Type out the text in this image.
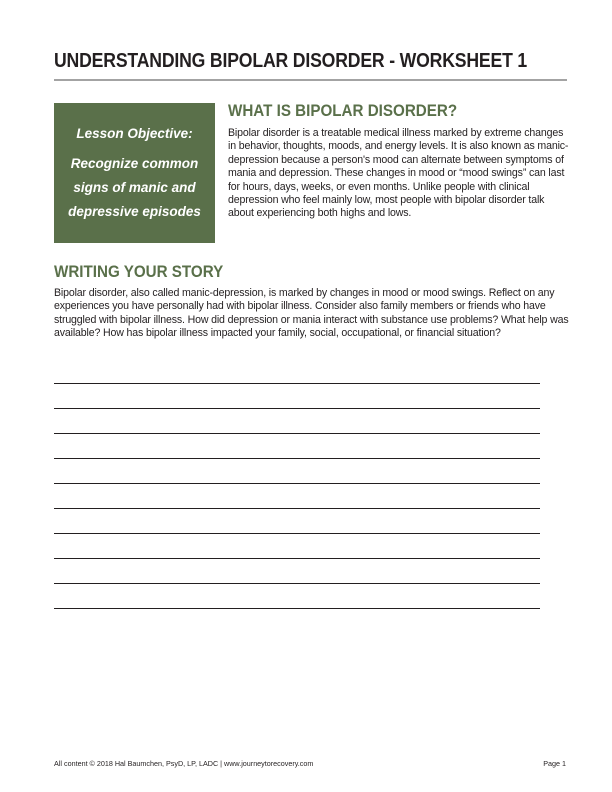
UNDERSTANDING BIPOLAR DISORDER - WORKSHEET 1
Lesson Objective:
Recognize common signs of manic and depressive episodes
WHAT IS BIPOLAR DISORDER?
Bipolar disorder is a treatable medical illness marked by extreme changes in behavior, thoughts, moods, and energy levels. It is also known as manic-depression because a person's mood can alternate between symptoms of mania and depression. These changes in mood or “mood swings” can last for hours, days, weeks, or even months. Unlike people with clinical depression who feel mainly low, most people with bipolar disorder talk about experiencing both highs and lows.
WRITING YOUR STORY
Bipolar disorder, also called manic-depression, is marked by changes in mood or mood swings. Reflect on any experiences you have personally had with bipolar illness. Consider also family members or friends who have struggled with bipolar illness. How did depression or mania interact with substance use problems? What help was available? How has bipolar illness impacted your family, social, occupational, or financial situation?
All content © 2018 Hal Baumchen, PsyD, LP, LADC | www.journeytorecovery.com	Page 1
